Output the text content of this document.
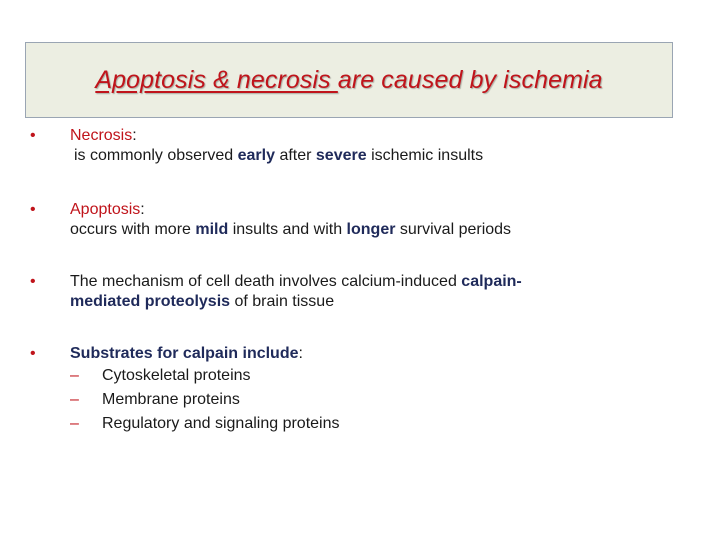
Apoptosis & necrosis are caused by ischemia
•	Necrosis:
is commonly observed early after severe ischemic insults
•	Apoptosis:
occurs with more mild insults and with longer survival periods
•	The mechanism of cell death involves calcium-induced calpain-
mediated proteolysis of brain tissue
•	Substrates for calpain include:
– Cytoskeletal proteins
– Membrane proteins
– Regulatory and signaling proteins
